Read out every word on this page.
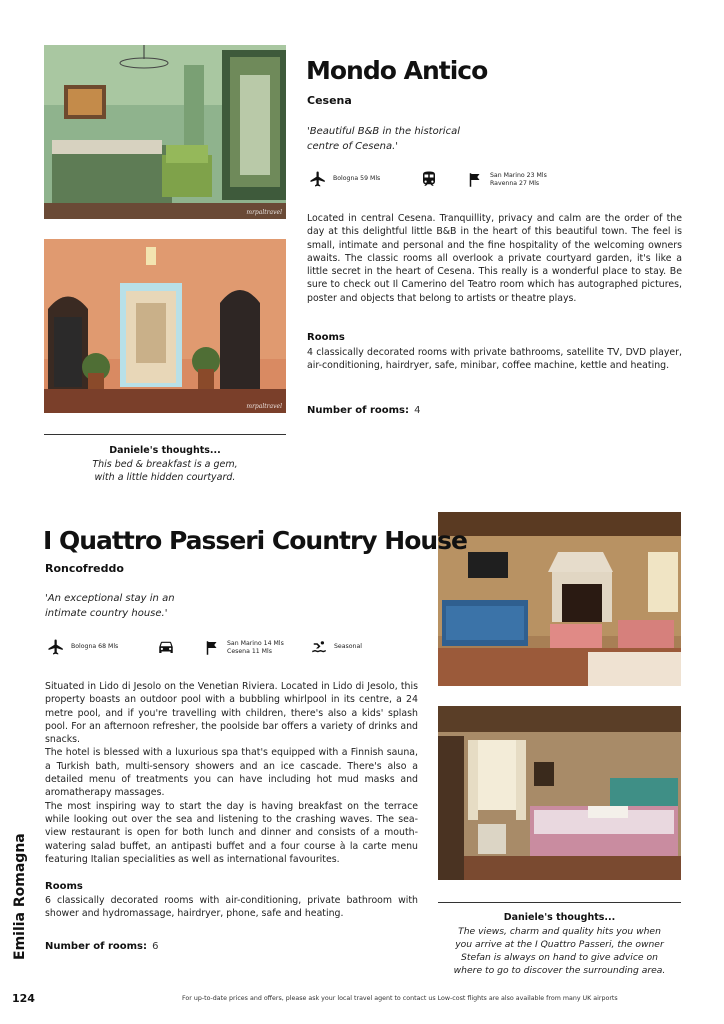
mrpaltravel
mrpaltravel
Mondo Antico
Cesena
'Beautiful B&B in the historical centre of Cesena.'
Bologna 59 Mls	San Marino 23 Mls
Ravenna 27 Mls
Located in central Cesena. Tranquillity, privacy and calm are the order of the day at this delightful little B&B in the heart of this beautiful town. The feel is small, intimate and personal and the fine hospitality of the welcoming owners awaits. The classic rooms all overlook a private courtyard garden, it's like a little secret in the heart of Cesena. This really is a wonderful place to stay. Be sure to check out Il Camerino del Teatro room which has autographed pictures, poster and objects that belong to artists or theatre plays.
Rooms
4 classically decorated rooms with private bathrooms, satellite TV, DVD player, air-conditioning, hairdryer, safe, minibar, coffee machine, kettle and heating.
Number of rooms: 4
Daniele's thoughts...
This bed & breakfast is a gem,
with a little hidden courtyard.
I Quattro Passeri Country House
Roncofreddo
'An exceptional stay in an
intimate country house.'
Bologna 68 Mls	San Marino 14 Mls
Cesena 11 Mls
Seasonal

Situated in Lido di Jesolo on the Venetian Riviera. Located in Lido di Jesolo, this property boasts an outdoor pool with a bubbling whirlpool in its centre, a 24 metre pool, and if you're travelling with children, there's also a kids' splash pool. For an afternoon refresher, the poolside bar offers a variety of drinks and snacks.

The hotel is blessed with a luxurious spa that's equipped with a Finnish sauna, a Turkish bath, multi-sensory showers and an ice cascade. There's also a detailed menu of treatments you can have including hot mud masks and aromatherapy massages.

The most inspiring way to start the day is having breakfast on the terrace while looking out over the sea and listening to the crashing waves. The sea-view restaurant is open for both lunch and dinner and consists of a mouth-watering salad buffet, an antipasti buffet and a four course à la carte menu featuring Italian specialities as well as international favourites.

Rooms
6 classically decorated rooms with air-conditioning, private bathroom with shower and hydromassage, hairdryer, phone, safe and heating.
Number of rooms: 6
Daniele's thoughts...
The views, charm and quality hits you when
you arrive at the I Quattro Passeri, the owner
Stefan is always on hand to give advice on
where to go to discover the surrounding area.
Emilia Romagna
124	For up-to-date prices and offers, please ask your local travel agent to contact us Low-cost flights are also available from many UK airports
